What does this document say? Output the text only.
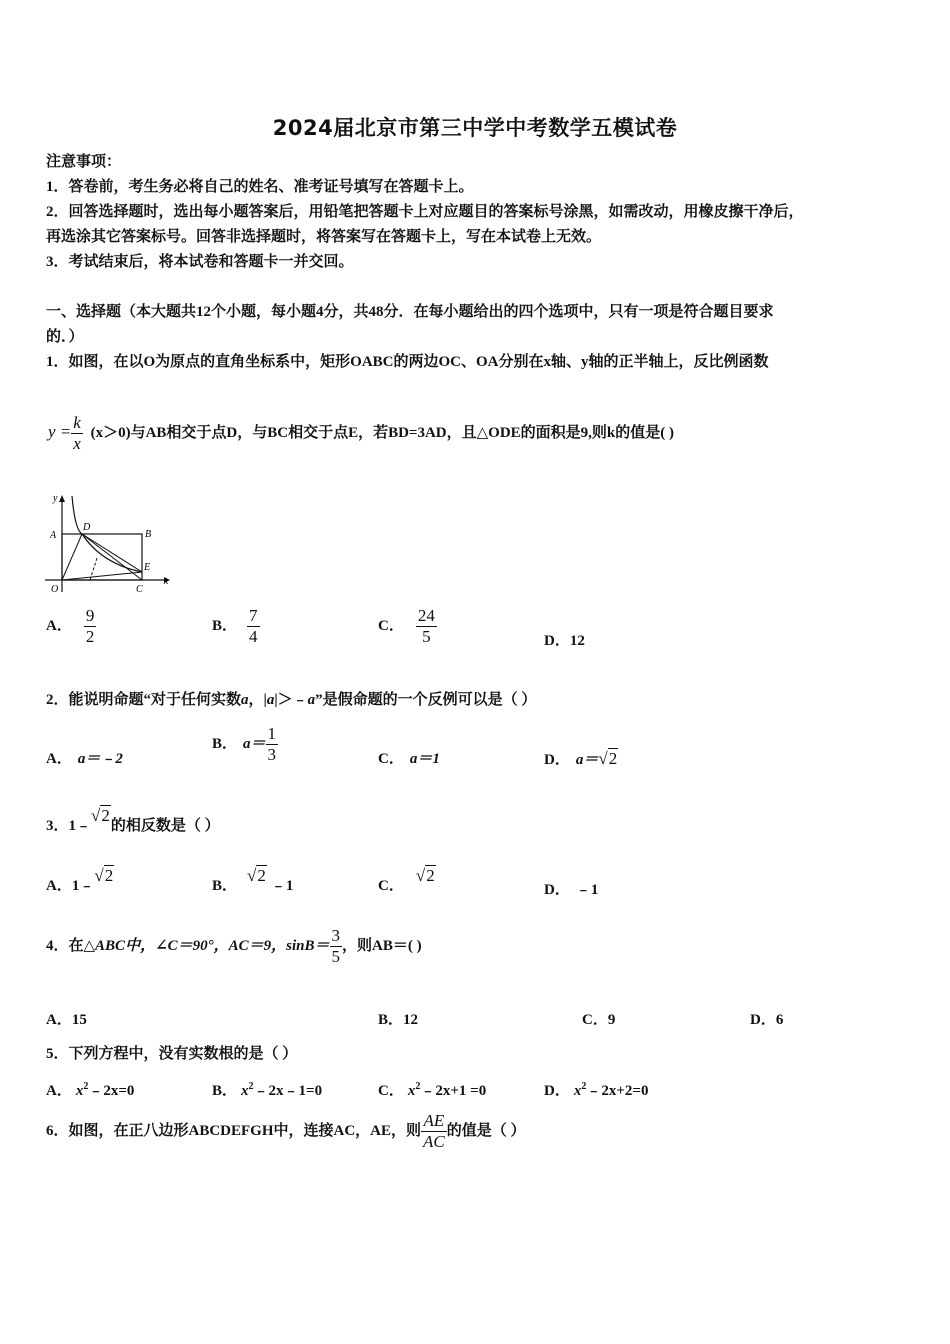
2024届北京市第三中学中考数学五模试卷
注意事项：
1．答卷前，考生务必将自己的姓名、准考证号填写在答题卡上。
2．回答选择题时，选出每小题答案后，用铅笔把答题卡上对应题目的答案标号涂黑，如需改动，用橡皮擦干净后，
再选涂其它答案标号。回答非选择题时，将答案写在答题卡上，写在本试卷上无效。
3．考试结束后，将本试卷和答题卡一并交回。
一、选择题（本大题共12个小题，每小题4分，共48分．在每小题给出的四个选项中，只有一项是符合题目要求
的．）
1．如图，在以O为原点的直角坐标系中，矩形OABC的两边OC、OA分别在x轴、y轴的正半轴上，反比例函数
$y = \frac{k}{x} (x>0)$与AB相交于点D，与BC相交于点E，若BD=3AD，且△ODE的面积是9,则k的值是( )
y
x
A	B
D
O	C
E
A． $\frac{9}{2}$	B． $\frac{7}{4}$	C． $\frac{24}{5}$	D．12
2．能说明命题“对于任何实数a，|a|＞﹣a”是假命题的一个反例可以是（ ）
A． a＝﹣2
B． $a= \frac{1}{3}$	C． a＝1	D． a＝√2
3．1﹣√2的相反数是（ ）
A．1﹣√2
B．√2﹣1	C．√2
D． ﹣1
4．在△ABC中，∠C＝90°，AC＝9，$\sin B= \frac{3}{5}$ ，则AB＝( )
A．15	B．12	C．9	D．6
5．下列方程中，没有实数根的是（ ）
A． $x^2﹣2x=0$	B． $x^2﹣2x﹣1=0$	C． $x^2﹣2x+1 =0$	D． $x^2﹣2x+2=0$
6．如图，在正八边形ABCDEFGH中，连接AC，AE，则 $\frac{AE}{AC}$ 的值是（ ）
